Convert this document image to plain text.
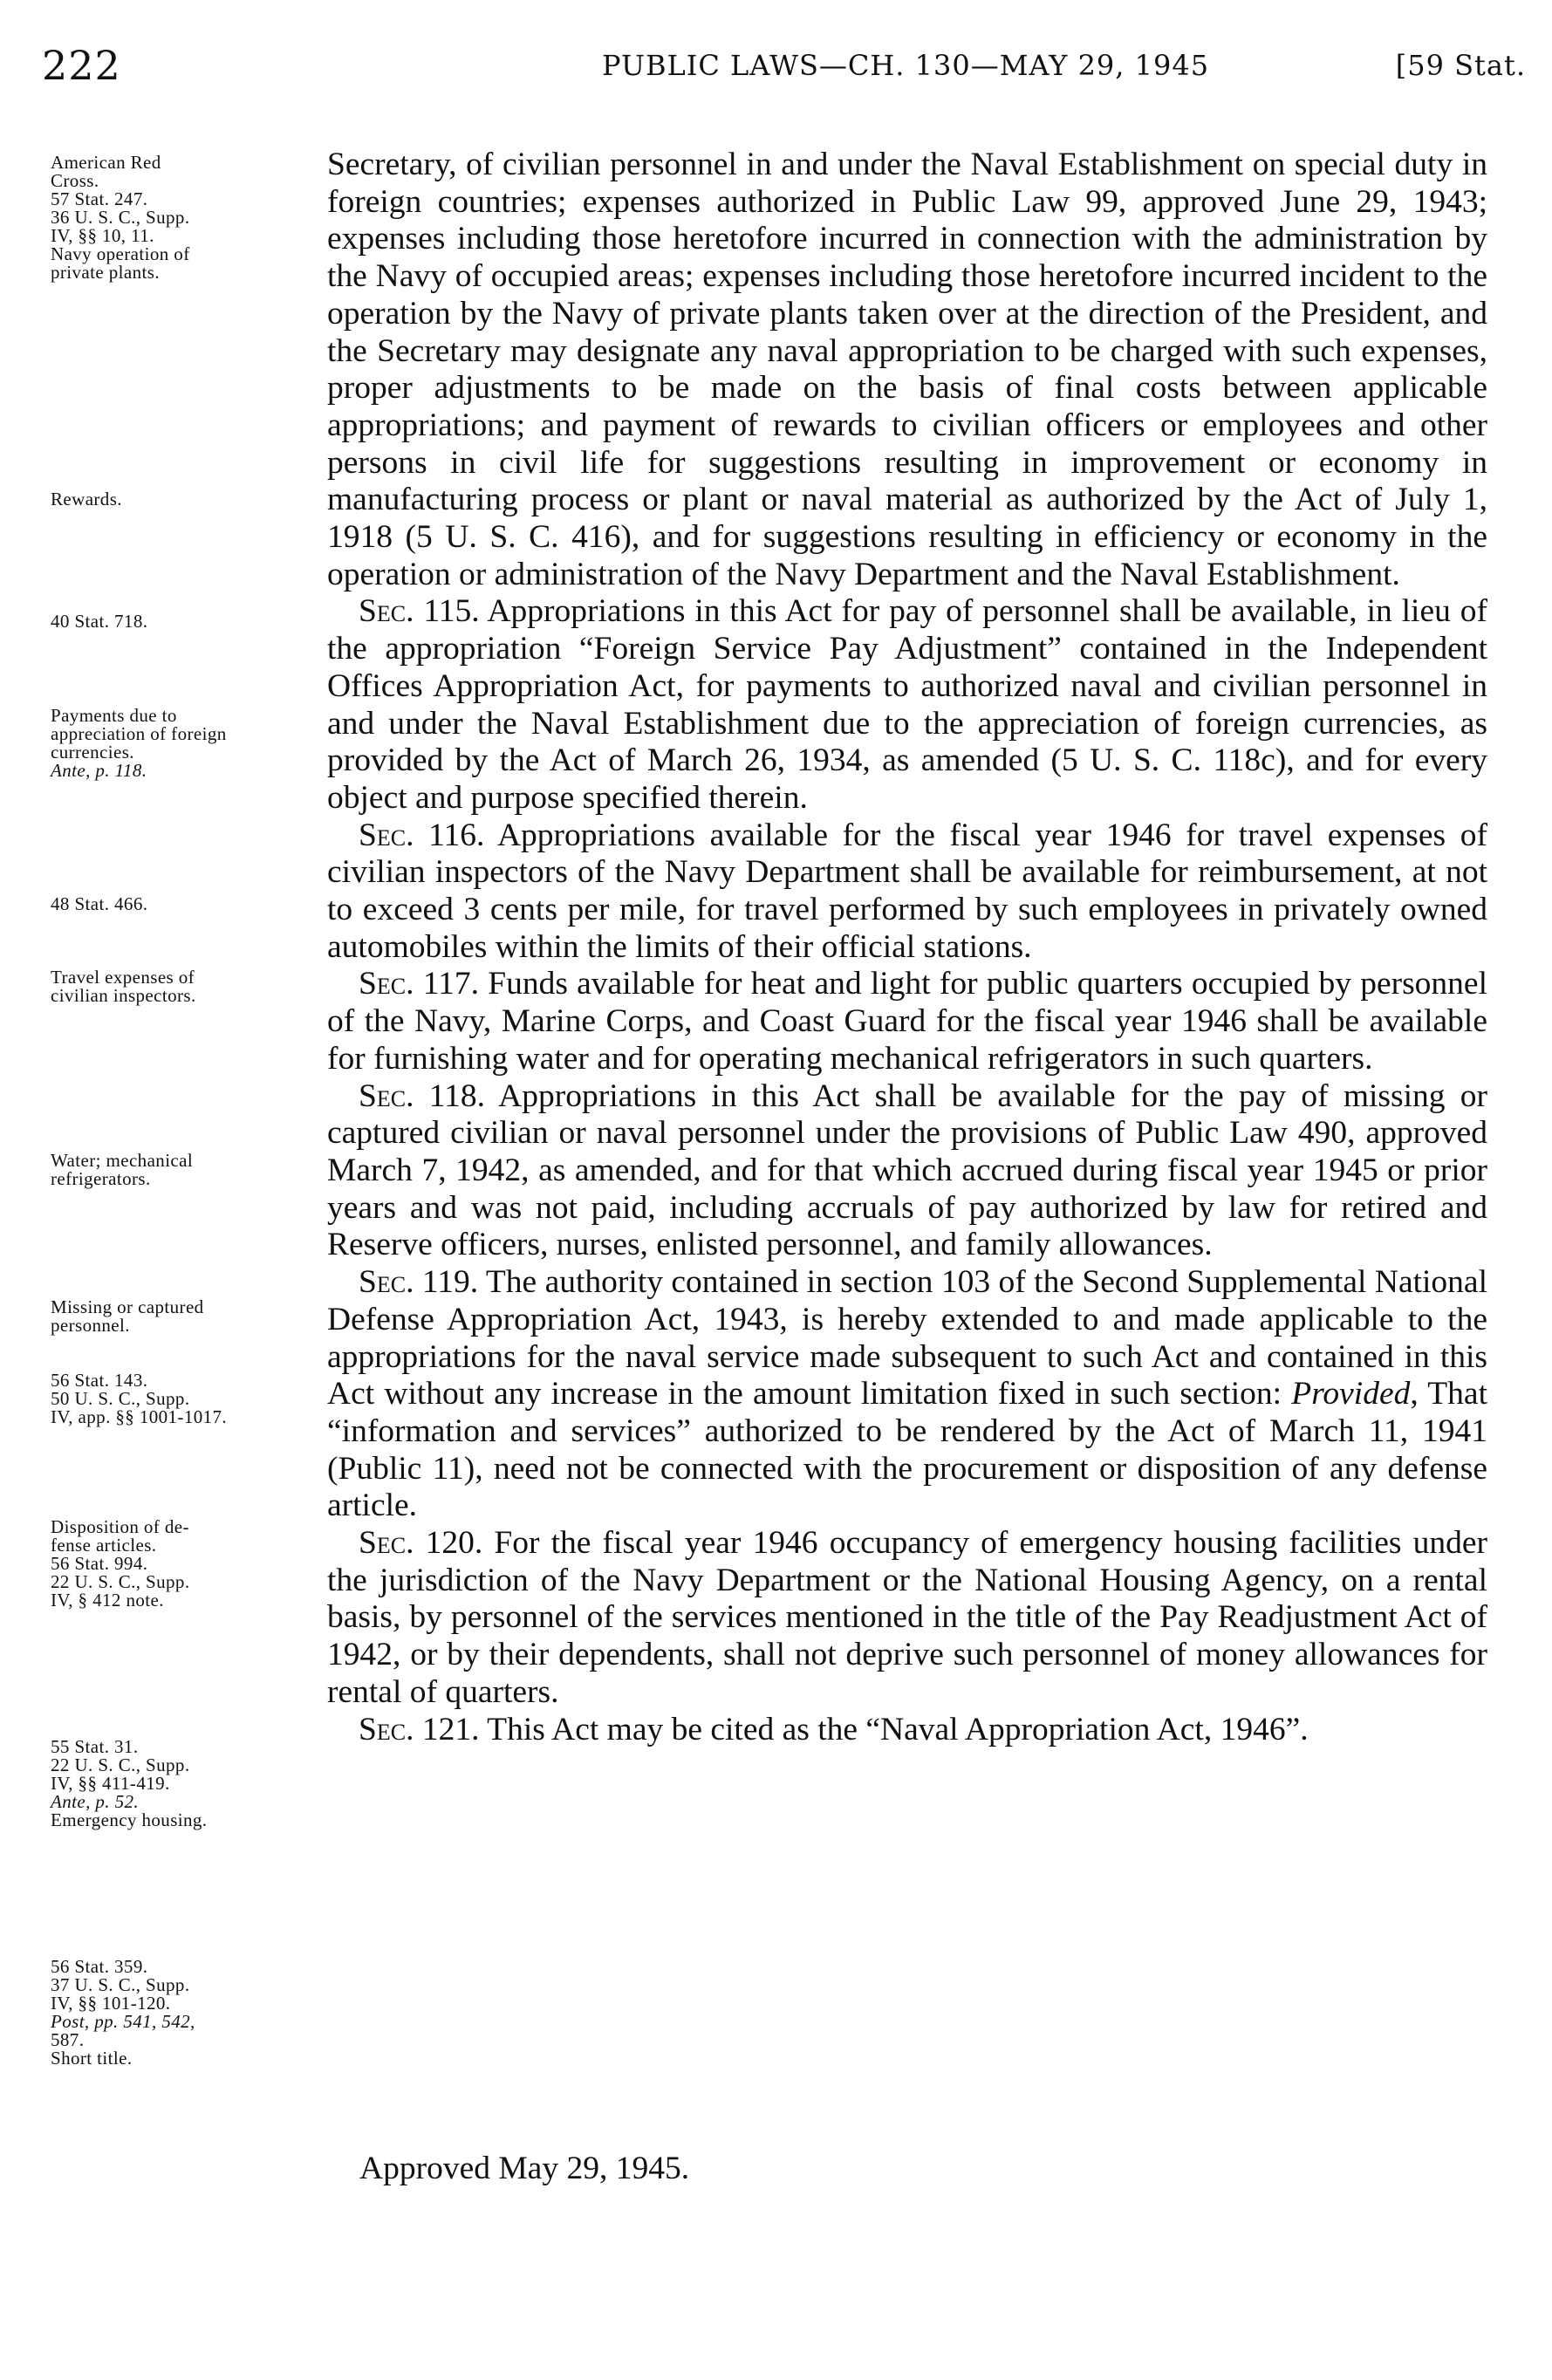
222	PUBLIC LAWS—CH. 130—MAY 29, 1945	[59 Stat.
American Red
Cross.
57 Stat. 247.
36 U. S. C., Supp.
IV, §§ 10, 11.
Navy operation of
private plants.
Rewards.
40 Stat. 718.
Payments due to
appreciation of foreign
currencies.
Ante, p. 118.
48 Stat. 466.
Travel expenses of
civilian inspectors.
Water; mechanical
refrigerators.
Missing or captured
personnel.
56 Stat. 143.
50 U. S. C., Supp.
IV, app. §§ 1001-1017.
Disposition of de-
fense articles.
56 Stat. 994.
22 U. S. C., Supp.
IV, § 412 note.
55 Stat. 31.
22 U. S. C., Supp.
IV, §§ 411-419.
Ante, p. 52.
Emergency housing.
56 Stat. 359.
37 U. S. C., Supp.
IV, §§ 101-120.
Post, pp. 541, 542,
587.
Short title.

Secretary, of civilian personnel in and under the Naval Establishment on special duty in foreign countries; expenses authorized in Public Law 99, approved June 29, 1943; expenses including those heretofore incurred in connection with the administration by the Navy of occupied areas; expenses including those heretofore incurred incident to the operation by the Navy of private plants taken over at the direction of the President, and the Secretary may designate any naval appropriation to be charged with such expenses, proper adjustments to be made on the basis of final costs between applicable appropriations; and payment of rewards to civilian officers or employees and other persons in civil life for suggestions resulting in improvement or economy in manufacturing process or plant or naval material as authorized by the Act of July 1, 1918 (5 U. S. C. 416), and for suggestions resulting in efficiency or economy in the operation or administration of the Navy Department and the Naval Establishment.

Sec. 115. Appropriations in this Act for pay of personnel shall be available, in lieu of the appropriation “Foreign Service Pay Adjustment” contained in the Independent Offices Appropriation Act, for payments to authorized naval and civilian personnel in and under the Naval Establishment due to the appreciation of foreign currencies, as provided by the Act of March 26, 1934, as amended (5 U. S. C. 118c), and for every object and purpose specified therein.

Sec. 116. Appropriations available for the fiscal year 1946 for travel expenses of civilian inspectors of the Navy Department shall be available for reimbursement, at not to exceed 3 cents per mile, for travel performed by such employees in privately owned automobiles within the limits of their official stations.

Sec. 117. Funds available for heat and light for public quarters occupied by personnel of the Navy, Marine Corps, and Coast Guard for the fiscal year 1946 shall be available for furnishing water and for operating mechanical refrigerators in such quarters.

Sec. 118. Appropriations in this Act shall be available for the pay of missing or captured civilian or naval personnel under the provisions of Public Law 490, approved March 7, 1942, as amended, and for that which accrued during fiscal year 1945 or prior years and was not paid, including accruals of pay authorized by law for retired and Reserve officers, nurses, enlisted personnel, and family allowances.

Sec. 119. The authority contained in section 103 of the Second Supplemental National Defense Appropriation Act, 1943, is hereby extended to and made applicable to the appropriations for the naval service made subsequent to such Act and contained in this Act without any increase in the amount limitation fixed in such section: Provided, That “information and services” authorized to be rendered by the Act of March 11, 1941 (Public 11), need not be connected with the procurement or disposition of any defense article.

Sec. 120. For the fiscal year 1946 occupancy of emergency housing facilities under the jurisdiction of the Navy Department or the National Housing Agency, on a rental basis, by personnel of the services mentioned in the title of the Pay Readjustment Act of 1942, or by their dependents, shall not deprive such personnel of money allowances for rental of quarters.

Sec. 121. This Act may be cited as the “Naval Appropriation Act, 1946”.

Approved May 29, 1945.
